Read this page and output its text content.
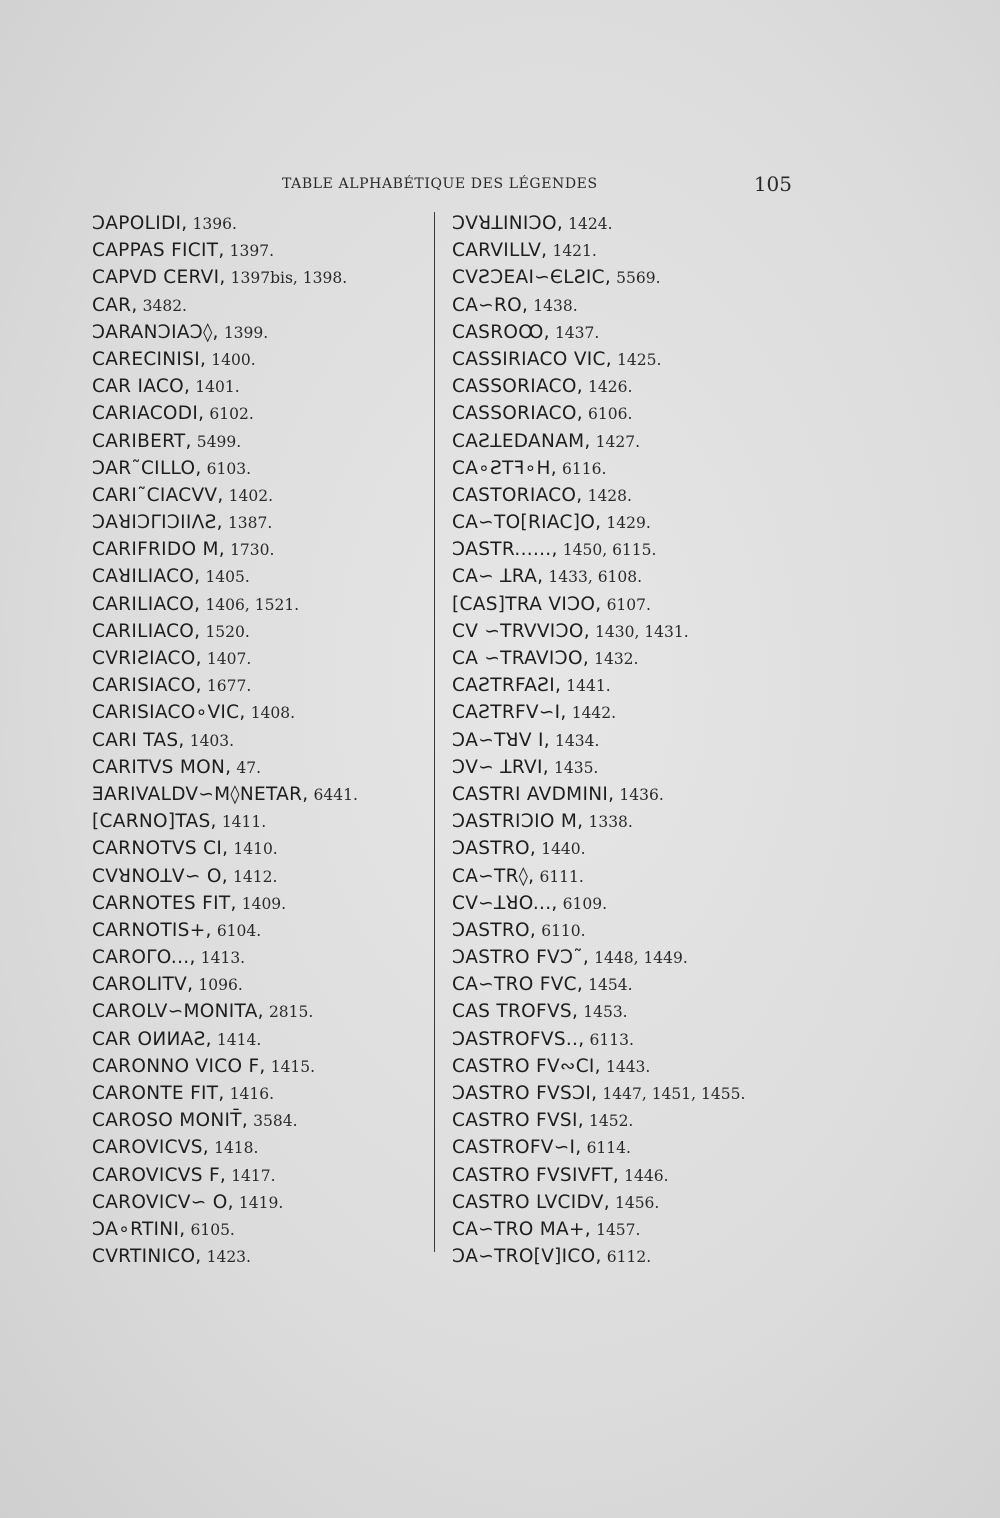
TABLE ALPHABÉTIQUE DES LÉGENDES	105
ꓛAPOLIDI, 1396.
CAPPAS FICIT, 1397.
CAPVD CERVI, 1397bis, 1398.
CAR, 3482.
ꓛARANꓛIAꓛ◊, 1399.
CARECINISI, 1400.
CAR IACO, 1401.
CARIACODI, 6102.
CARIBERT, 5499.
ꓛAR˜CILLO, 6103.
CARI˜CIACVV, 1402.
ꓛAꓤIꓛΓIꓛIIΛƧ, 1387.
CARIFRIDO M, 1730.
CAꓤILIACO, 1405.
CARILIACO, 1406, 1521.
CARILIACO, 1520.
CVRIƧIACO, 1407.
CARISIACO, 1677.
CARISIACO∘VIC, 1408.
CARI TAS, 1403.
CARITVS MON, 47.
ƎARIVALDV∽M◊NETAR, 6441.
[CARNO]TAS, 1411.
CARNOTVS CI, 1410.
CVꓤNOꓕV∽ O, 1412.
CARNOTES FIT, 1409.
CARNOTIS+, 6104.
CAROΓO..., 1413.
CAROLITV, 1096.
CAROLV∽MONITA, 2815.
CAR OИИAƧ, 1414.
CARONNO VICO F, 1415.
CARONTE FIT, 1416.
CAROSO MONIT̄, 3584.
CAROVICVS, 1418.
CAROVICVS F, 1417.
CAROVICV∽ O, 1419.
ꓛA∘RTINI, 6105.
CVRTINICO, 1423.
ꓛVꓤꓕINIꓛO, 1424.
CARVILLV, 1421.
CVƧꓛEAI∽ЄLƧIC, 5569.
CA∽RO, 1438.
CASROꝎ, 1437.
CASSIRIACO VIC, 1425.
CASSORIACO, 1426.
CASSORIACO, 6106.
CAƧꓕEDANAM, 1427.
CA∘ƧTꟻ∘H, 6116.
CASTORIACO, 1428.
CA∽TO[RIAC]O, 1429.
ꓛASTR......, 1450, 6115.
CA∽ ꓕRA, 1433, 6108.
[CAS]TRA VIꓛO, 6107.
CV ∽TRVVIƆO, 1430, 1431.
CA ∽TRAVIƆO, 1432.
CAƧTRFAƧI, 1441.
CAƧTRFV∽I, 1442.
ꓛA∽TꓤV I, 1434.
ꓛV∽ ꓕRVI, 1435.
CASTRI AVDMINI, 1436.
ꓛASTRIꓛIO M, 1338.
ꓛASTRO, 1440.
CA∽TR◊, 6111.
CV∽ꓕꓤO..., 6109.
ꓛASTRO, 6110.
ꓛASTRO FVꓛ˜, 1448, 1449.
CA∽TRO FVC, 1454.
CAS TROFVS, 1453.
ꓛASTROFVS.., 6113.
CASTRO FV∾CI, 1443.
ꓛASTRO FVSꓛI, 1447, 1451, 1455.
CASTRO FVSI, 1452.
CASꓔROFV∽I, 6114.
CASꓔRO FVSIVFT, 1446.
CASTRO LVCIDV, 1456.
CA∽TRO MA+, 1457.
ꓛA∽TRO[V]ICO, 6112.
